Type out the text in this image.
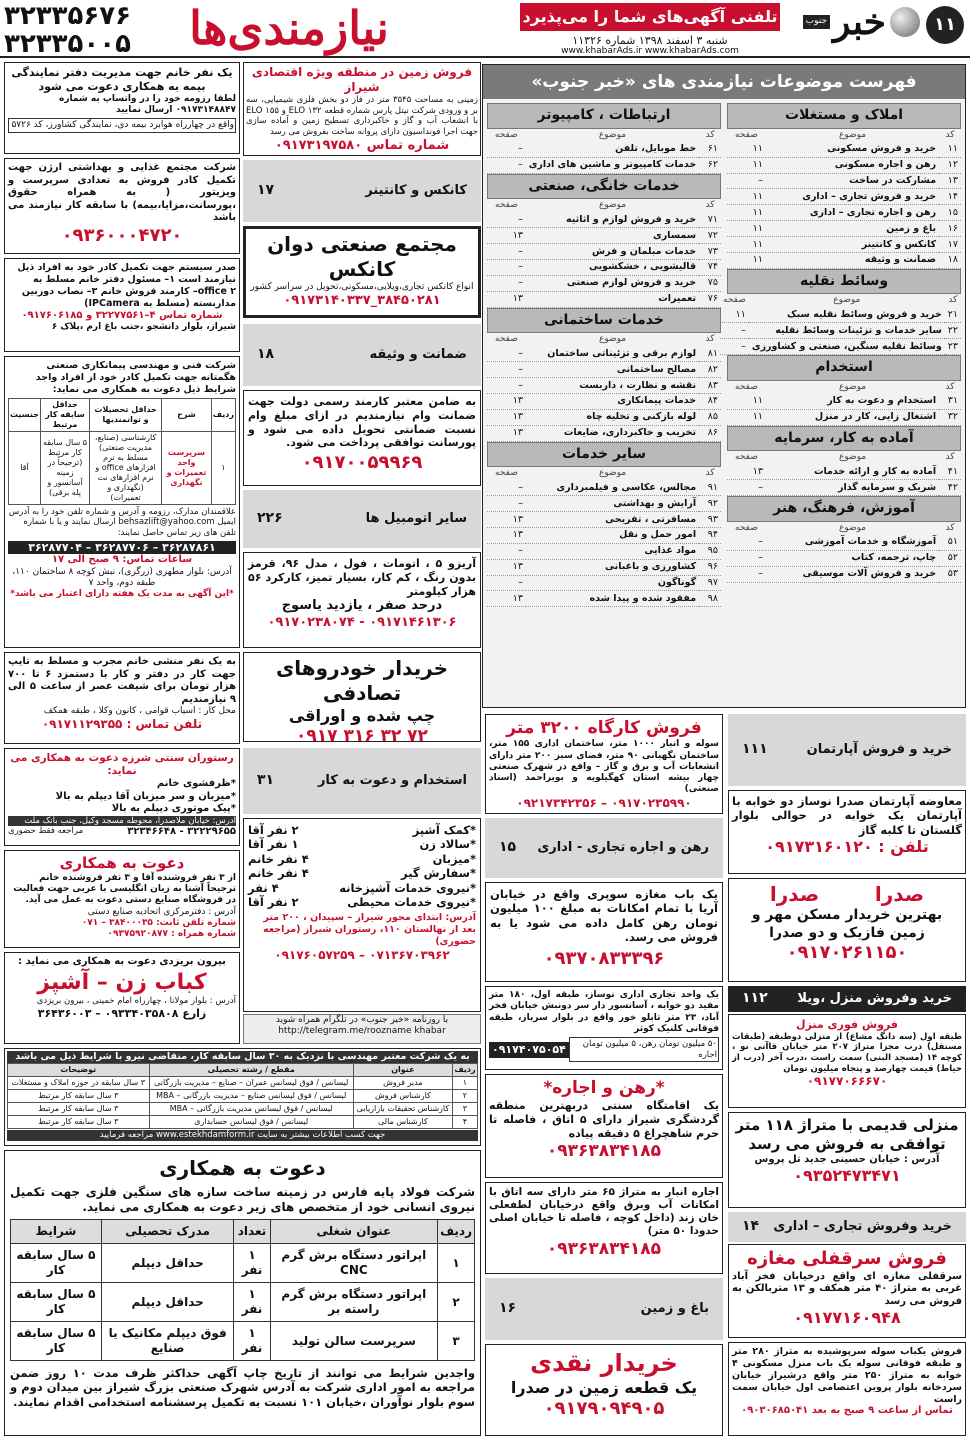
۱۱
خبر
جنوب
تلفنی آگهی‌های شما را می‌پذیرد
شنبه ۳ اسفند ۱۳۹۸ شماره ۱۱۳۲۶
www.khabarAds.ir www.khabarAds.com
نیازمندی‌ها
۳۲۳۳۵۶۷۶
۳۲۳۳۵۰۰۵
فهرست موضوعات نیازمندی های «خبر جنوب»
املاک و مستغلات
کد	موضوع	صفحه
۱۱	خرید و فروش مسکونی	۱۱
۱۲	رهن و اجاره مسکونی	۱۱
۱۳	مشارکت در ساخت	–
۱۴	خرید و فروش تجاری – اداری	۱۱
۱۵	رهن و اجاره تجاری – اداری	۱۱
۱۶	باغ و زمین	۱۱
۱۷	کانکس و کانتینر	۱۱
۱۸	ضمانت و وثیقه	۱۱
وسائط نقلیه
کد	موضوع	صفحه
۲۱	خرید و فروش وسائط نقلیه سبک	۱۱
۲۲	سایر خدمات و تزئینات وسائط نقلیه	–
۲۳	وسائط نقلیه سنگین، صنعتی و کشاورزی	–
استخدام
کد	موضوع	صفحه
۳۱	استخدام و دعوت به کار	۱۱
۳۲	اشتغال زایی، کار در منزل	۱۱
آماده به کار، سرمایه
کد	موضوع	صفحه
۴۱	آماده به کار و ارائه خدمات	۱۳
۴۲	شریک و سرمایه گذار	–
آموزش، فرهنگ، هنر
کد	موضوع	صفحه
۵۱	آموزشگاه و خدمات آموزشی	–
۵۲	چاپ، ترجمه، کتاب	–
۵۳	خرید و فروش آلات موسیقی	–
ارتباطات ، کامپیوتر
کد	موضوع	صفحه
۶۱	خط موبایل، تلفن	–
۶۲	خدمات کامپیوتر و ماشین های اداری	–
خدمات خانگی، صنعتی
کد	موضوع	صفحه
۷۱	خرید و فروش لوازم و اثاثیه	–
۷۲	سمساری	۱۳
۷۳	خدمات مبلمان و فرش	–
۷۴	قالیشویی ، خشکشویی	–
۷۵	خرید و فروش لوازم صنعتی	–
۷۶	تعمیرات	۱۳
خدمات ساختمانی
کد	موضوع	صفحه
۸۱	لوازم برقی و تزئیناتی ساختمان	–
۸۲	مصالح ساختمانی	–
۸۳	نقشه و نظارت ، داربست	–
۸۴	خدمات پیمانکاری	۱۳
۸۵	لوله بازکنی و تخلیه چاه	۱۳
۸۶	تخریب و خاکبرداری، ضایعات	۱۳
سایر خدمات
کد	موضوع	صفحه
۹۱	مجالس، عکاسی و فیلمبرداری	–
۹۲	آرایش و بهداشتی	–
۹۳	مسافرتی ، تفریحی	۱۳
۹۴	امور حمل و نقل	۱۳
۹۵	مواد غذایی	–
۹۶	کشاورزی و باغبانی	۱۳
۹۷	گوناگون	–
۹۸	مفقود شده و پیدا شده	۱۳
فروش زمین در منطقه ویژه اقتصادی شیراز
زمینی به مساحت ۳۵۴۵ متر در فاز دو بخش فلزی شیمیایی، سه بر و ورودی شرکت نیتل پارس شماره قطعه ۱۳۲ ELO و ۱۵۵ ELO با انشعاب آب و گاز و خاکبرداری تسطیح زمین و آماده سازی جهت اجرا فونداسیون دارای پروانه ساخت بفروش می رسد
شماره تماس ۰۹۱۷۳۱۹۷۵۸۰
کانکس و کانتینر
۱۷
مجتمع صنعتی دوان کانکس
انواع کانکس تجاری،ویلایی،مسکونی،تحویل در سراسر کشور
۰۹۱۷۳۱۴۰۳۳۷_۳۸۴۵۰۲۸۱
ضمانت و وثیقه
۱۸
به ضامن معتبر کارمند رسمی دولت جهت ضمانت وام نیازمندیم در ازای مبلغ وام نسبت ضمانتی تحویل داده می شود و پورسانت توافقی پرداخت می شود.
۰۹۱۷۰۰۵۹۹۶۹
سایر اتومبیل ها
۲۲۶
آریزو ۵ ، اتومات ، فول ، مدل ۹۶، قرمز بدون رنگ ، کم کار، بسیار تمیز، کارکرد ۵۶ هزار کیلومتر
درحد صفر ، یازدید یاسوج
۰۹۱۷۰۲۳۸۰۷۴ - ۰۹۱۷۱۴۶۱۳۰۶
خریدار خودروهای تصادفی
چپ شده و اوراقی
۰۹۱۷ ۳۱۶ ۳۲ ۷۲
استخدام و دعوت به کار
۳۱
*کمک آشپز
۲ نفر آقا
*سالاد زن
۱ نفر آقا
*میزبان
۴ نفر خانم
*سفارش گیر
۴ نفر خانم
*نیروی خدمات آشپزخانه
۴ نفر
*نیروی خدمات محیطی
۲ نفر آقا
آدرس: ابتدای محور شیراز – سپیدان ، ۲۰۰ متر بعد از نهالستان ۱۱۰، رستوران شیراز (مراجعه حضوری)
۰۹۱۷۶۰۵۷۲۵۹ – ۰۷۱۳۶۷۰۳۹۶۲
با روزنامه «خبر جنوب» در تلگرام همراه شوید http://telegram.me/roozname khabar
یک نفر خانم جهت مدیریت دفتر نمایندگی بیمه به همکاری دعوت می شود
لطفا رزومه خود را در واتساپ به شماره ۰۹۱۷۳۱۴۸۸۴۷ ارسال نمایید
واقع در چهارراه هوابرد بیمه دی، نمایندگی کشاورز، کد ۵۷۲۶
شرکت مجتمع غذایی و بهداشتی ارژن جهت تکمیل کادر فروش به تعدادی سرپرست و ویزیتور ( به همراه حقوق ،پورسانت،مزایا،بیمه) با سابقه کار نیازمند می باشد
۰۹۳۶۰۰۰۴۷۲۰
صدر سیستم جهت تکمیل کادر خود به افراد ذیل نیازمند است ۱– مسئول دفتر خانم مسلط به office ۲– کارمند فروش خانم ۳– نصاب دوربین مداربسته (مسلط به IPCamera)
شماره تماس ۴–۳۲۲۷۷۵۶۱ و ۰۹۱۷۶۰۶۱۸۵
شیراز، بلوار دانشجو ،جنب باغ ارم ،پلاک ۶
شرکت فنی و مهندسی پیمانکاری صنعتی هگمتانه جهت تکمیل کادر خود از افراد واجد شرایط ذیل دعوت به همکاری می نماید:
ردیف	شرح	حداقل تحصیلات و توانمندیها	حداقل سابقه کار مرتبط	جنسیت
۱	سرپرست واحد تعمیرات و نگهداری	کارشناسی (صنایع، مدیریت صنعتی) مسلط به نرم افزارهای office و نرم افزارهای نت (نگهداری و تعمیرات)	۵ سال سابقه کار مرتبط (ترجیحاً در زمینه آسانسور و پله برقی)	آقا
علاقمندان مدارک، رزومه و آدرس و شماره تلفن خود را به آدرس ایمیل behsazlift@yahoo.com ارسال نمایند و یا با شماره تلفن های زیر تماس حاصل نمایند:
۳۶۲۸۷۸۶۱ – ۳۶۲۸۷۷۰۶ – ۳۶۲۸۷۷۰۴
ساعات تماس: ۹ صبح الی ۱۷
آدرس: بلوار مطهری (زرگری)، نبش کوچه ۸ ساختمان ۱۱۰، طبقه دوم، واحد ۷
*این آگهی به مدت یک هفته دارای اعتبار می باشد*
به یک نفر منشی خانم مجرب و مسلط به تایپ جهت کار در دفتر و کار با دستمزد ۶ تا ۷۰۰ هزار تومان برای شیفت عصر از ساعت ۵ الی ۹ نیازمندیم
محل کار : اسیاب قوامی ، کانون وکلا ، طبقه همکف
تلفن تماس : ۰۹۱۷۱۱۲۹۳۵۵
رستوران سنتی شرزه دعوت به همکاری می نماید:
*ظرفشوی خانم
*میزبان و سر میزبان آقا دیپلم به بالا
*پیک موتوری دیپلم به بالا
آدرس: خیابان ملاصدرا، محوطه مسجد وکیل، جنب بانک ملت
۳۲۲۲۹۶۵۵ - ۳۲۳۴۶۶۴۸
مراجعه فقط حضوری
دعوت به همکاری
از ۳ نفر فروشنده آقا و ۳ نفر فروشنده خانم ترجیحاً آشنا به زبان انگلیسی با عربی جهت فعالیت در فروشگاه صنایع دستی دعوت به عمل می آید.
آدرس : دفترمرکزی اتحادیه صنایع دستی
شماره تلفن ثابت: ۳۸۴۰۰۰۳۵ – ۰۷۱
شماره همراه : ۰۹۳۷۵۹۲۰۸۷۷
بیرون بریزدی دعوت به همکاری می نماید :
کباب زن – آشپز
آدرس : بلوار مولانا ، چهارراه امام خمینی ، بیرون بریزدی
زارع ۰۹۳۳۴۰۳۵۸۰۸ – ۳۶۴۳۶۰۰۳
به یک شرکت معتبر مهندسی با نزدیک به ۳۰ سال سابقه کار، متقاضی نیرو با شرایط ذیل می باشد
ردیف	عنوان	مقطع / رشته تحصیلی	توضیحات
۱	مدیر فروش	لیسانس / فوق لیسانس عمران – صنایع – مدیریت بازرگانی	۳ سال سابقه در حوزه املاک و مستغلات
۲	کارشناس فروش	لیسانس / فوق لیسانس صنایع – مدیریت بازرگانی – MBA	۳ سال سابقه کار مرتبط
۳	کارشناس تحقیقات بازاریابی	لیسانس / فوق لیسانس مدیریت بازرگانی – MBA	۳ سال سابقه کار مرتبط
۴	کارشناس مالی	لیسانس / فوق لیسانس حسابداری	۳ سال سابقه کار مرتبط
جهت کسب اطلاعات بیشتر به سایت www.estekhdamform.ir مراجعه فرمایید
دعوت به همکاری
شرکت فولاد پایه فارس در زمینه ساخت سازه های سنگین فلزی جهت تکمیل نیروی انسانی خود از متخصص های زیر دعوت به همکاری می نماید.
ردیف	عنوان شغلی	تعداد	مدرک تحصیلی	شرایط
۱	اپراتور دستگاه برش گرم CNC	۱ نفر	حداقل دیپلم	۵ سال سابقه کار
۲	اپراتور دستگاه برش گرم راسته بر	۱ نفر	حداقل دیپلم	۵ سال سابقه کار
۳	سرپرست سالن تولید	۱ نفر	فوق دیپلم مکانیک یا صنایع	۵ سال سابقه کار
واجدین شرایط می توانند از تاریخ چاپ آگهی حداکثر ظرف مدت ۱۰ روز ضمن مراجعه به امور اداری شرکت به آدرس شهرک صنعتی بزرگ شیراز بین میدان دوم و سوم بلوار نوآوران ،خیابان ۱۰۱ نسبت به تکمیل پرسشنامه استخدامی اقدام نمایند.
فروش کارگاه ۳۲۰۰ متر
سوله و انبار ۱۰۰۰ متر، ساختمان اداری ۱۵۵ متر، ساختمان نگهبانی ۹۰ متر، فضای سبز ۲۰۰ متر دارای انشعابات آب و برق و گاز – واقع در شهرک صنعتی چهار بیشه استان کهگیلویه و بویراحمد (اسناد صنعتی)
۰۹۲۱۷۳۴۲۳۵۶ – ۰۹۱۷۰۲۳۵۹۹۰
رهن و اجاره تجاری - اداری
۱۵
یک باب مغازه سوپری واقع در خیابان آریا با تمام امکانات به مبلغ ۱۰۰ میلیون تومان رهن کامل داده می شود یا به فروش می رسد.
۰۹۳۷۰۸۳۳۳۹۶
یک واحد تجاری اداری نوساز، طبقه اول، ۱۸۰ متر مفید دو خوابه ، آسانسور دار سر دونبش خیابان فخر آباد، ۲۳ متر تابلو خور واقع در بلوار سرباز، طبقه فوقانی کلنیک کوثر
۵۰ میلیون تومان رهن، ۵ میلیون تومان اجاره
۰۹۱۷۴۰۷۵۰۵۴
*رهن و اجاره*
یک اقامتگاه سنتی دربهترین منطقه گردشگری شیراز دارای ۵ اتاق ، فاصله تا حرم شاهچراغ ۵ دقیقه پیاده
۰۹۳۶۳۸۳۴۱۸۵
اجاره انبار به متراژ ۶۵ متر دارای سه اتاق با امکانات آب وبرق واقع درخیابان لطفعلی خان زند (داخل کوچه ، فاصله تا خیابان اصلی حدودا ۵۰ متر)
۰۹۳۶۳۸۳۴۱۸۵
باغ و زمین
۱۶
خریدار نقدی
یک قطعه زمین در صدرا
۰۹۱۷۹۰۹۴۹۰۵
خرید و فروش آپارتمان
۱۱۱
معاوضه آپارتمان صدرا نوساز دو خوابه با آپارتمان یک خوابه در حوالی بلوار گلستان تا کلبه گاز
تلفن : ۰۹۱۷۳۱۶۰۱۲۰
صدرا        صدرا
بهترین خریدار مسکن مهر و زمین فازیک و دو صدرا
۰۹۱۷۰۲۶۱۱۵۰
خرید وفروش منزل ،ویلا
۱۱۲
فروش فوری منزل
طبقه اول (سه دانگ مشاع) از منزلی دوطبقه (طبقات مستقل) درب مجزا متراژ ۲۰۷ متر خیابان قاآنی نو ، کوچه ۱۴ (مسجد البنی) سمت راست ،درب آخر (درب از حیاط) قیمت چهارصد و پنجاه میلیون تومان
۰۹۱۷۷۰۶۶۶۷۰
منزلی قدیمی با متراژ ۱۱۸ متر توافقی به فروش می رسد
آدرس : خیابان حسینی جدید تل پروس
۰۹۳۵۲۴۷۳۴۷۱
خرید وفروش تجاری – اداری
۱۴
فروش سرقفلی مغازه
سرقفلی مغازه ای واقع درخیابان فخر آباد غربی به متراژ ۴۰ متر همکف و ۱۳ متربالکن به فروش می رسد
۰۹۱۷۷۱۶۰۹۴۸
فروش یکباب سوله سرپوشیده به متراژ ۲۸۰ متر و طبقه فوقانی سوله یک باب منزل مسکونی ۴ خوابه به متراژ ۲۵۰ متر واقع درشیراز خیابان سردخانه بلوار پروین اعتصامی اول خیابان سمت راست
تماس از ساعت ۹ صبح به بعد ۰۹۰۳۰۶۸۵۰۴۱
